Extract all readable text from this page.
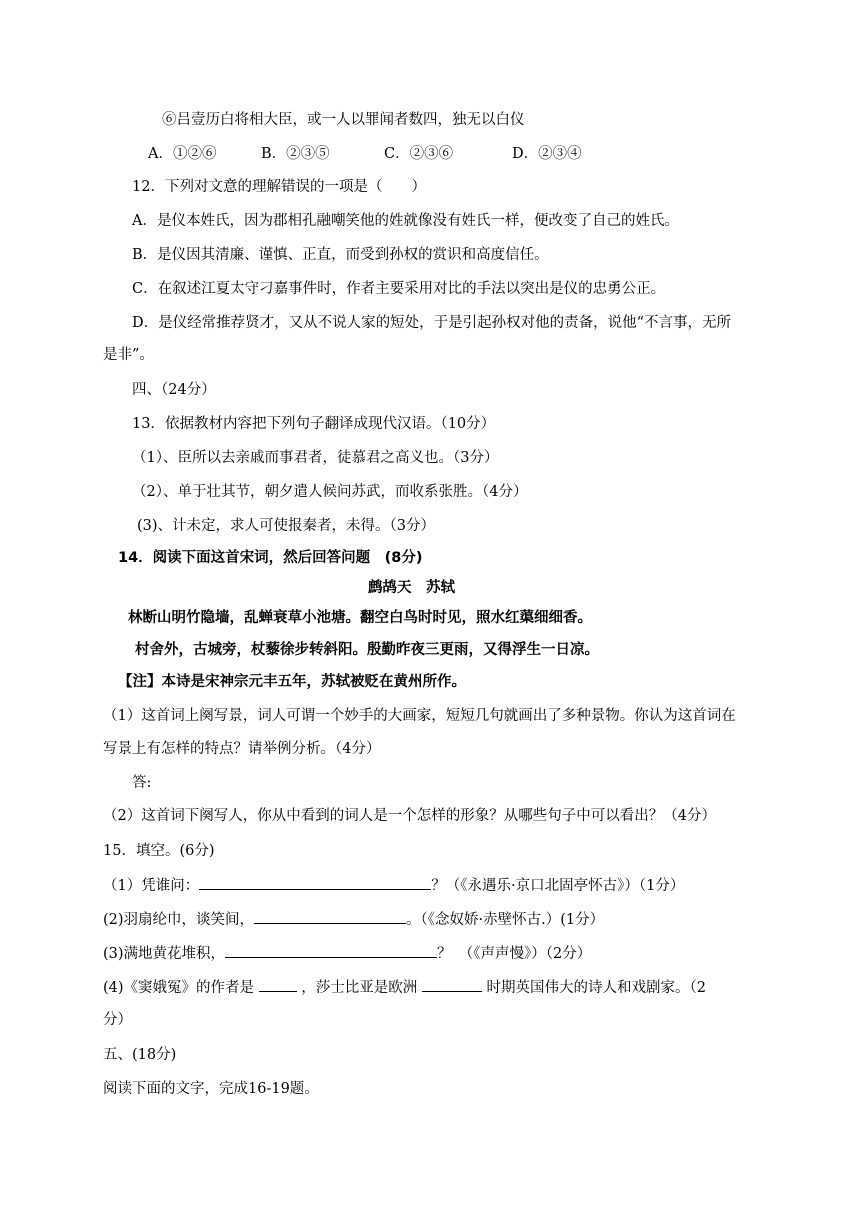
⑥吕壹历白将相大臣，或一人以罪闻者数四，独无以白仪
A．①②⑥	B．②③⑤	C．②③⑥	D．②③④
12．下列对文意的理解错误的一项是（　　）
A．是仪本姓氏，因为郡相孔融嘲笑他的姓就像没有姓氏一样，便改变了自己的姓氏。
B．是仪因其清廉、谨慎、正直，而受到孙权的赏识和高度信任。
C．在叙述江夏太守刁嘉事件时，作者主要采用对比的手法以突出是仪的忠勇公正。
D．是仪经常推荐贤才，又从不说人家的短处，于是引起孙权对他的责备，说他“不言事，无所
是非”。
四、（24分）
13．依据教材内容把下列句子翻译成现代汉语。（10分）
（1）、臣所以去亲戚而事君者，徒慕君之高义也。（3分）
（2）、单于壮其节，朝夕遣人候问苏武，而收系张胜。（4分）
(3)、计未定，求人可使报秦者，未得。（3分）
14．阅读下面这首宋词，然后回答问题　(8分)
鹧鸪天　苏轼
林断山明竹隐墙，乱蝉衰草小池塘。翻空白鸟时时见，照水红蕖细细香。
村舍外，古城旁，杖藜徐步转斜阳。殷勤昨夜三更雨，又得浮生一日凉。
【注】本诗是宋神宗元丰五年，苏轼被贬在黄州所作。
（1）这首词上阕写景，词人可谓一个妙手的大画家，短短几句就画出了多种景物。你认为这首词在
写景上有怎样的特点？请举例分析。（4分）
答:
（2）这首词下阕写人，你从中看到的词人是一个怎样的形象？从哪些句子中可以看出？（4分）
15．填空。(6分)
（1）凭谁问：	？（《永遇乐·京口北固亭怀古》）（1分）
(2)羽扇纶巾，谈笑间，	。（《念奴娇·赤壁怀古.）(1分）
(3)满地黄花堆积，	？　（《声声慢》）（2分）
(4)《窦娥冤》的作者是	，莎士比亚是欧洲	时期英国伟大的诗人和戏剧家。（2
分）
五、(18分)
阅读下面的文字，完成16-19题。
